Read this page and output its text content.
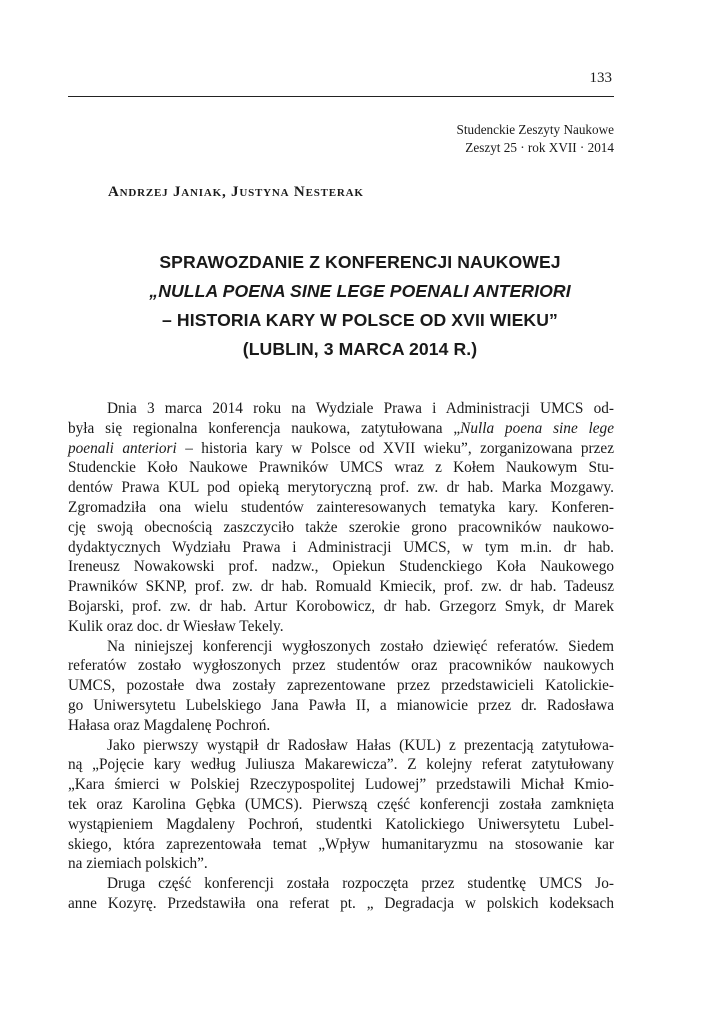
133
Studenckie Zeszyty Naukowe
Zeszyt 25 · rok XVII · 2014
Andrzej Janiak, Justyna Nesterak
SPRAWOZDANIE Z KONFERENCJI NAUKOWEJ
„NULLA POENA SINE LEGE POENALI ANTERIORI
– HISTORIA KARY W POLSCE OD XVII WIEKU”
(LUBLIN, 3 MARCA 2014 R.)
Dnia 3 marca 2014 roku na Wydziale Prawa i Administracji UMCS od-
była się regionalna konferencja naukowa, zatytułowana „Nulla poena sine lege
poenali anteriori – historia kary w Polsce od XVII wieku”, zorganizowana przez
Studenckie Koło Naukowe Prawników UMCS wraz z Kołem Naukowym Stu-
dentów Prawa KUL pod opieką merytoryczną prof. zw. dr hab. Marka Mozgawy.
Zgromadziła ona wielu studentów zainteresowanych tematyka kary. Konferen-
cję swoją obecnością zaszczyciło także szerokie grono pracowników naukowo-
dydaktycznych Wydziału Prawa i Administracji UMCS, w tym m.in. dr hab.
Ireneusz Nowakowski prof. nadzw., Opiekun Studenckiego Koła Naukowego
Prawników SKNP, prof. zw. dr hab. Romuald Kmiecik, prof. zw. dr hab. Tadeusz
Bojarski, prof. zw. dr hab. Artur Korobowicz, dr hab. Grzegorz Smyk, dr Marek
Kulik oraz doc. dr Wiesław Tekely.
Na niniejszej konferencji wygłoszonych zostało dziewięć referatów. Siedem
referatów zostało wygłoszonych przez studentów oraz pracowników naukowych
UMCS, pozostałe dwa zostały zaprezentowane przez przedstawicieli Katolickie-
go Uniwersytetu Lubelskiego Jana Pawła II, a mianowicie przez dr. Radosława
Hałasa oraz Magdalenę Pochroń.
Jako pierwszy wystąpił dr Radosław Hałas (KUL) z prezentacją zatytułowa-
ną „Pojęcie kary według Juliusza Makarewicza”. Z kolejny referat zatytułowany
„Kara śmierci w Polskiej Rzeczypospolitej Ludowej” przedstawili Michał Kmio-
tek oraz Karolina Gębka (UMCS). Pierwszą część konferencji została zamknięta
wystąpieniem Magdaleny Pochroń, studentki Katolickiego Uniwersytetu Lubel-
skiego, która zaprezentowała temat „Wpływ humanitaryzmu na stosowanie kar
na ziemiach polskich”.
Druga część konferencji została rozpoczęta przez studentkę UMCS Jo-
anne Kozyrę. Przedstawiła ona referat pt. „ Degradacja w polskich kodeksach
